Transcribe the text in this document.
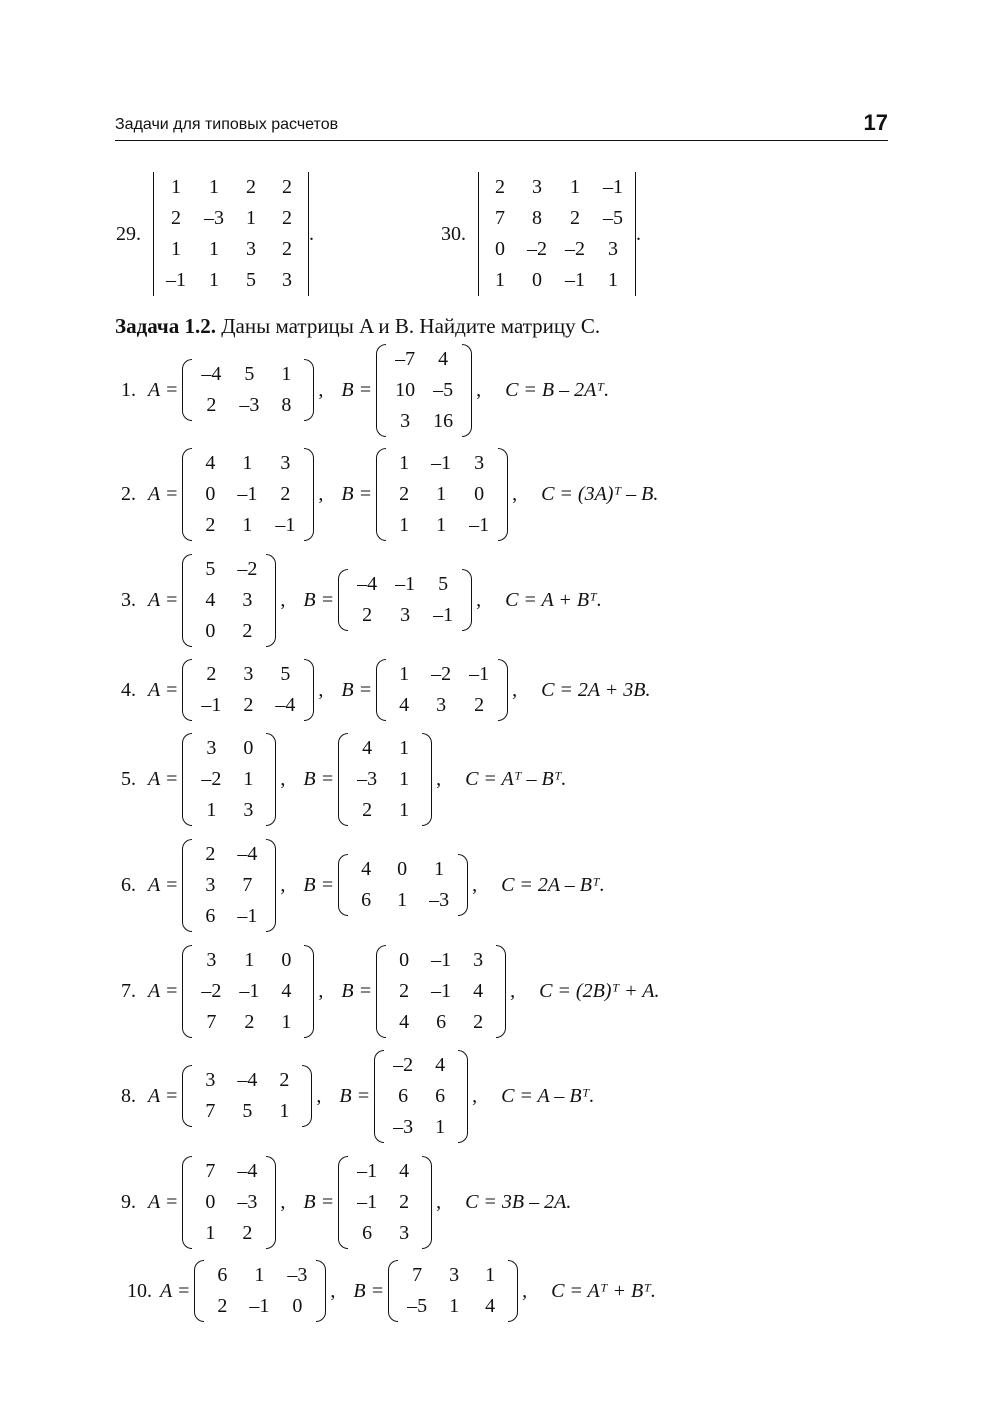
Задачи для типовых расчетов	17
29.
1	1	2	2
2	–3	1	2
1	1	3	2
–1	1	5	3
.	30.
2	3	1	–1
7	8	2	–5
0	–2	–2	3
1	0	–1	1
.
Задача 1.2. Даны матрицы A и B. Найдите матрицу C.
1. A =
–4	5	1
2	–3	8
, B =
–7	4
10	–5
3	16
, C = B – 2Aᵀ.
2. A =
4	1	3
0	–1	2
2	1	–1
, B =
1	–1	3
2	1	0
1	1	–1
, C = (3A)ᵀ – B.
3. A =
5	–2
4	3
0	2
, B =
–4	–1	5
2	3	–1
, C = A + Bᵀ.
4. A =
2	3	5
–1	2	–4
, B =
1	–2	–1
4	3	2
, C = 2A + 3B.
5. A =
3	0
–2	1
1	3
, B =
4	1
–3	1
2	1
, C = Aᵀ – Bᵀ.
6. A =
2	–4
3	7
6	–1
, B =
4	0	1
6	1	–3
, C = 2A – Bᵀ.
7. A =
3	1	0
–2	–1	4
7	2	1
, B =
0	–1	3
2	–1	4
4	6	2
, C = (2B)ᵀ + A.
8. A =
3	–4	2
7	5	1
, B =
–2	4
6	6
–3	1
, C = A – Bᵀ.
9. A =
7	–4
0	–3
1	2
, B =
–1	4
–1	2
6	3
, C = 3B – 2A.
10. A =
6	1	–3
2	–1	0
, B =
7	3	1
–5	1	4
, C = Aᵀ + Bᵀ.
